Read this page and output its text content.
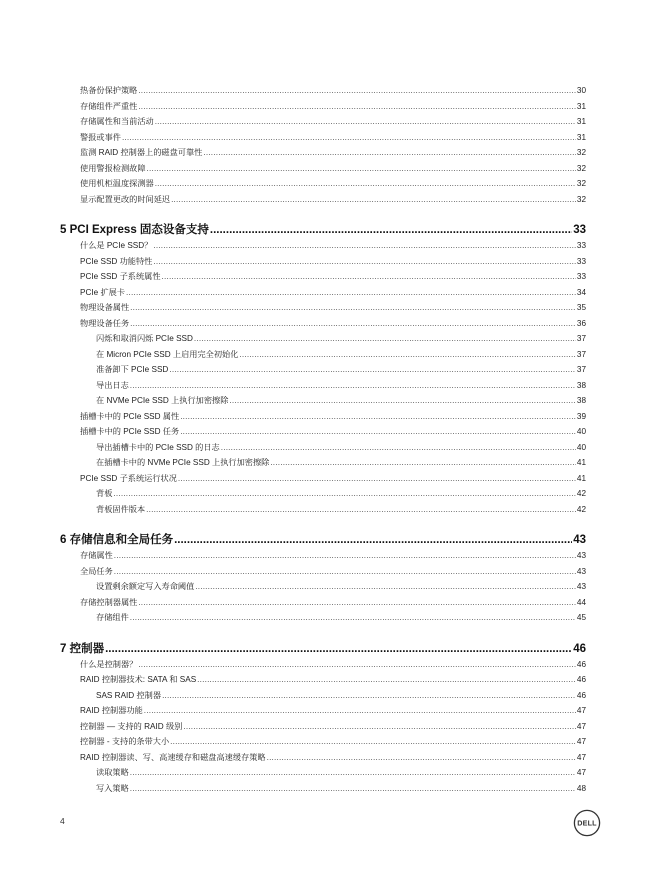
热备份保护策略 .....	30
存储组件严重性 .....	31
存储属性和当前活动 .....	31
警报或事件 .....	31
监测 RAID 控制器上的磁盘可靠性 .....	32
使用警报检测故障 .....	32
使用机柜温度探测器 .....	32
显示配置更改的时间延迟 .....	32
5 PCI Express 固态设备支持 .....	33
什么是 PCIe SSD？ .....	33
PCIe SSD 功能特性 .....	33
PCIe SSD 子系统属性 .....	33
PCIe 扩展卡 .....	34
物理设备属性 .....	35
物理设备任务 .....	36
闪烁和取消闪烁 PCIe SSD .....	37
在 Micron PCIe SSD 上启用完全初始化 .....	37
准备卸下 PCIe SSD .....	37
导出日志 .....	38
在 NVMe PCIe SSD 上执行加密擦除 .....	38
插槽卡中的 PCIe SSD 属性 .....	39
插槽卡中的 PCIe SSD 任务 .....	40
导出插槽卡中的 PCIe SSD 的日志 .....	40
在插槽卡中的 NVMe PCIe SSD 上执行加密擦除 .....	41
PCIe SSD 子系统运行状况 .....	41
背板 .....	42
背板固件版本 .....	42
6 存储信息和全局任务 .....	43
存储属性 .....	43
全局任务 .....	43
设置剩余额定写入寿命阈值 .....	43
存储控制器属性 .....	44
存储组件 .....	45
7 控制器 .....	46
什么是控制器？ .....	46
RAID 控制器技术: SATA 和 SAS .....	46
SAS RAID 控制器 .....	46
RAID 控制器功能 .....	47
控制器 — 支持的 RAID 级别 .....	47
控制器 - 支持的条带大小 .....	47
RAID 控制器读、写、高速缓存和磁盘高速缓存策略 .....	47
读取策略 .....	47
写入策略 .....	48
4	DELL
